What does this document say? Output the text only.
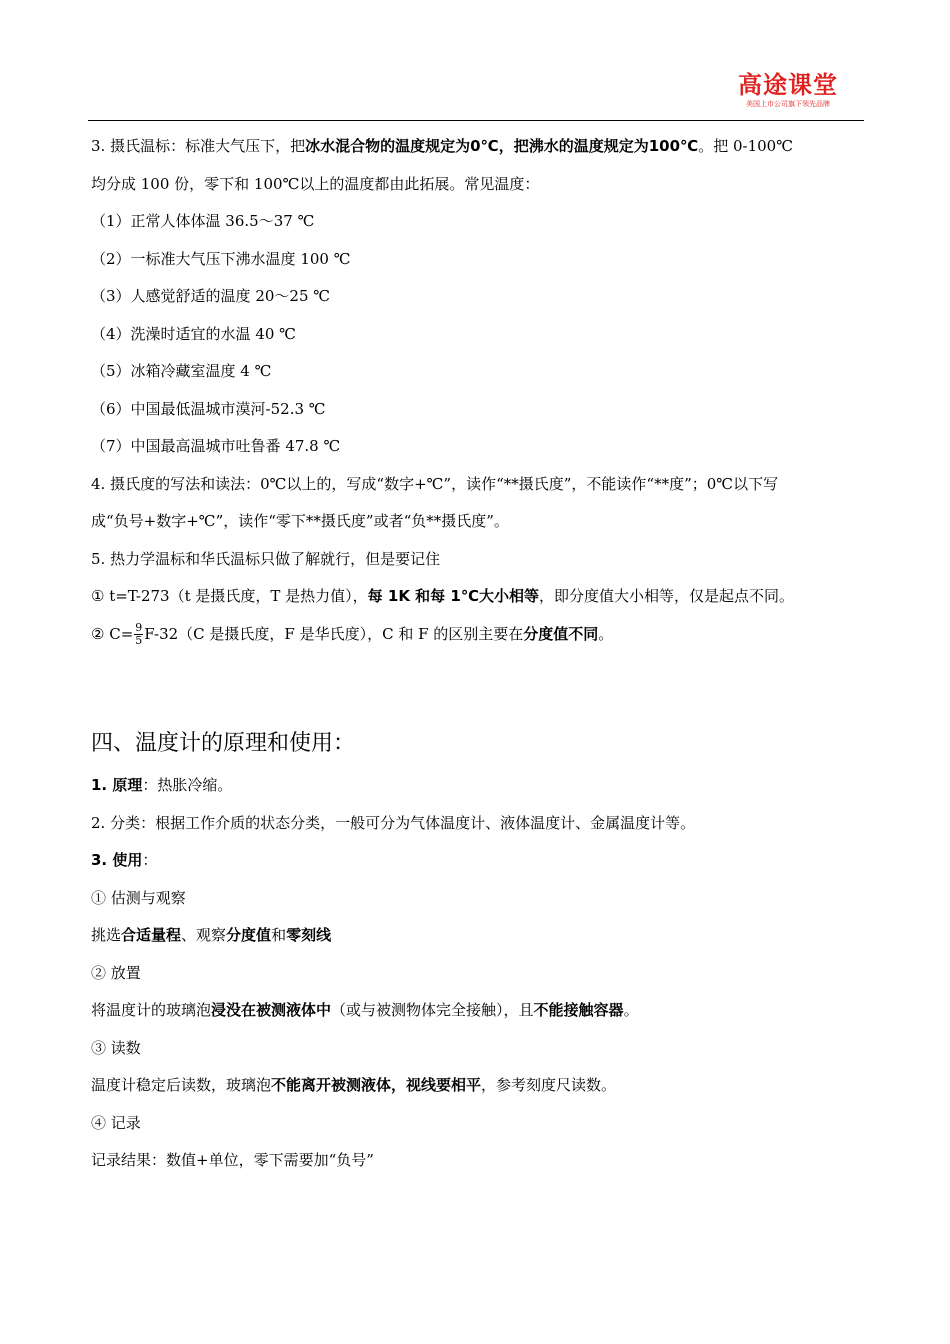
高途课堂
美国上市公司旗下领先品牌
3. 摄氏温标：标准大气压下，把冰水混合物的温度规定为0℃，把沸水的温度规定为100℃。把 0-100℃
均分成 100 份，零下和 100℃以上的温度都由此拓展。常见温度：
（1）正常人体体温 36.5～37 ℃
（2）一标准大气压下沸水温度 100 ℃
（3）人感觉舒适的温度 20～25 ℃
（4）洗澡时适宜的水温 40 ℃
（5）冰箱冷藏室温度 4 ℃
（6）中国最低温城市漠河-52.3 ℃
（7）中国最高温城市吐鲁番 47.8 ℃
4. 摄氏度的写法和读法：0℃以上的，写成“数字+℃”，读作“**摄氏度”，不能读作“**度”；0℃以下写
成“负号+数字+℃”，读作“零下**摄氏度”或者“负**摄氏度”。
5. 热力学温标和华氏温标只做了解就行，但是要记住
① t=T-273（t 是摄氏度，T 是热力值），每 1K 和每 1℃大小相等，即分度值大小相等，仅是起点不同。
② $C= \frac{9}{5} F-32(C$ 是摄氏度，F 是华氏度），C 和 F 的区别主要在分度值不同。
四、温度计的原理和使用：
1. 原理：热胀冷缩。
2. 分类：根据工作介质的状态分类，一般可分为气体温度计、液体温度计、金属温度计等。
3. 使用：
① 估测与观察
挑选合适量程、观察分度值和零刻线
② 放置
将温度计的玻璃泡浸没在被测液体中（或与被测物体完全接触），且不能接触容器。
③ 读数
温度计稳定后读数，玻璃泡不能离开被测液体，视线要相平，参考刻度尺读数。
④ 记录
记录结果：数值+单位，零下需要加“负号”
